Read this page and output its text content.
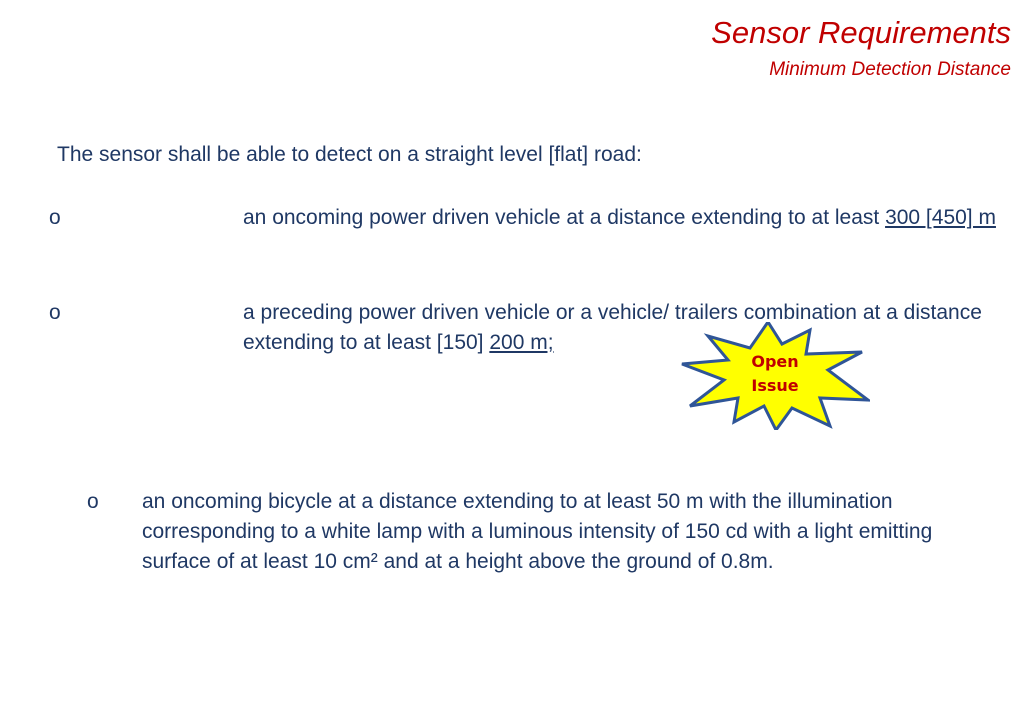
Sensor Requirements
Minimum Detection Distance
The sensor shall be able to detect on a straight level [flat] road:
o	an oncoming power driven vehicle at a distance extending to at least 300 [450] m
o	a preceding power driven vehicle or a vehicle/ trailers combination at a distance extending to at least [150] 200 m;
o an oncoming bicycle at a distance extending to at least 50 m with the illumination corresponding to a white lamp with a luminous intensity of 150 cd with a light emitting surface of at least 10 cm² and at a height above the ground of 0.8m.
Open
Issue
